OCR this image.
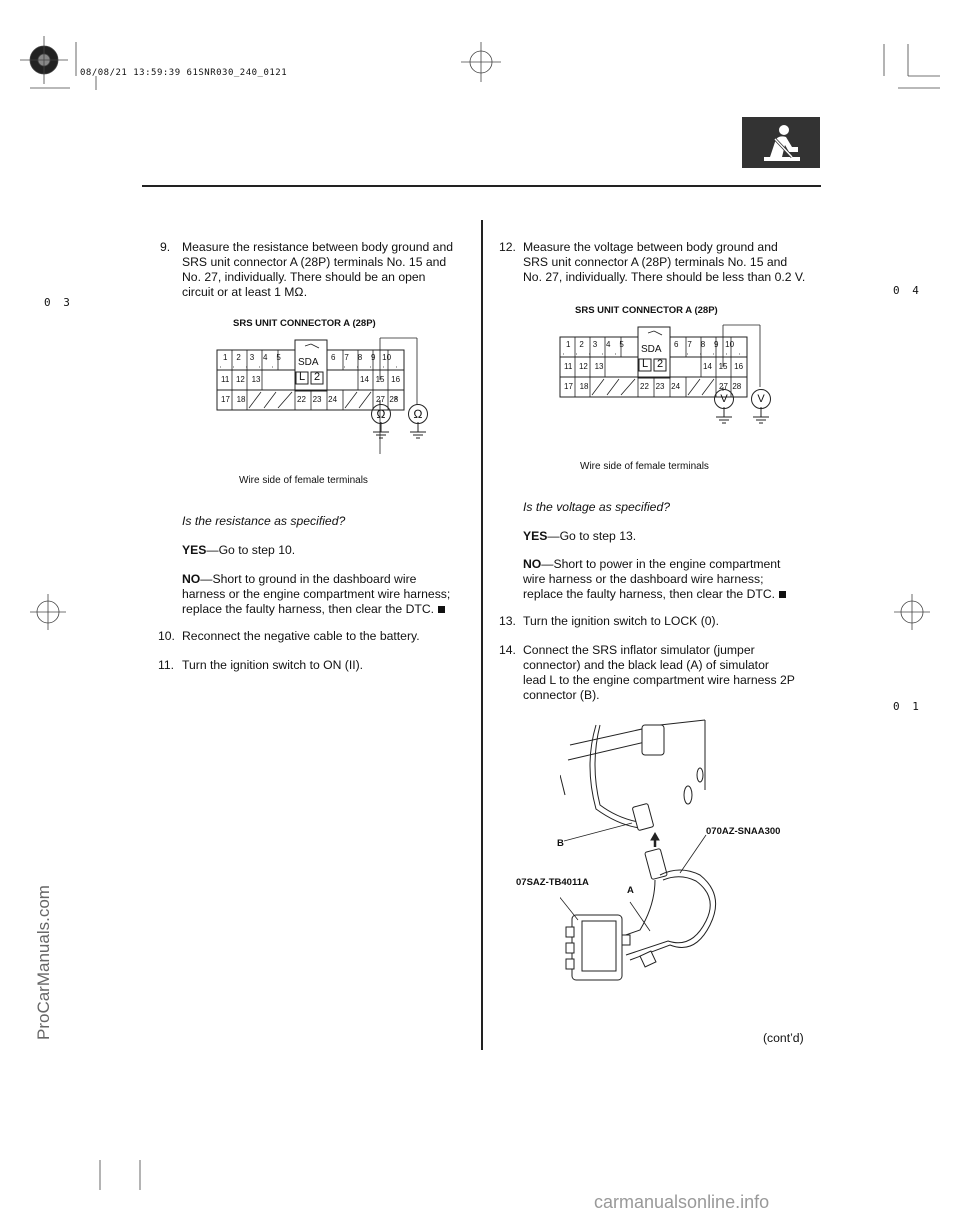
08/08/21 13:59:39 61SNR030_240_0121
0 3
0 4
0 1
ProCarManuals.com
9. Measure the resistance between body ground and
SRS unit connector A (28P) terminals No. 15 and
No. 27, individually. There should be an open
circuit or at least 1 MΩ.
SRS UNIT CONNECTOR A (28P)
1 2 3 4 5	6 7 8 9 10
11 12 13	14 15 16
17 18	22 23 24	27 28
SDA
L 2
Ω	Ω
Wire side of female terminals
Is the resistance as specified?
YES—Go to step 10.
NO—Short to ground in the dashboard wire
harness or the engine compartment wire harness;
replace the faulty harness, then clear the DTC.
10. Reconnect the negative cable to the battery.
11. Turn the ignition switch to ON (II).
12. Measure the voltage between body ground and
SRS unit connector A (28P) terminals No. 15 and
No. 27, individually. There should be less than 0.2 V.
SRS UNIT CONNECTOR A (28P)
1 2 3 4 5	6 7 8 9 10
11 12 13	14 15 16
17 18	22 23 24	27 28
SDA
L 2
V	V
Wire side of female terminals
Is the voltage as specified?
YES—Go to step 13.
NO—Short to power in the engine compartment
wire harness or the dashboard wire harness;
replace the faulty harness, then clear the DTC.
13. Turn the ignition switch to LOCK (0).
14. Connect the SRS inflator simulator (jumper
connector) and the black lead (A) of simulator
lead L to the engine compartment wire harness 2P
connector (B).
B
070AZ-SNAA300
07SAZ-TB4011A
A
(cont’d)
carmanualsonline.info
